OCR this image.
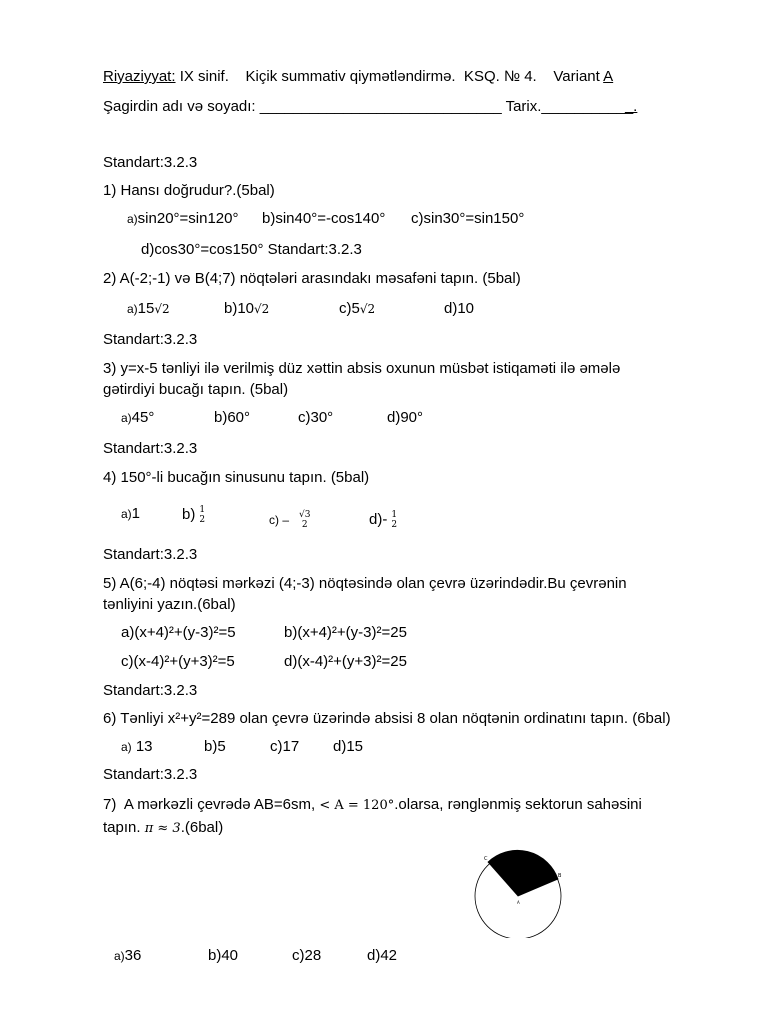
Riyaziyyat: IX sinif.    Kiçik summativ qiymətləndirmə.  KSQ. № 4.    Variant A
Şagirdin adı və soyadı: _____________________________ Tarix.___________.
Standart:3.2.3
1) Hansı doğrudur?.(5bal)
a)sin20°=sin120° b)sin40°=-cos140° c)sin30°=sin150°
d)cos30°=cos150° Standart:3.2.3
2) A(-2;-1) və B(4;7) nöqtələri arasındakı məsafəni tapın. (5bal)
a)15√2	b)10√2	c)5√2	d)10
Standart:3.2.3
3) y=x-5 tənliyi ilə verilmiş düz xəttin absis oxunun müsbət istiqaməti ilə əmələ
gətirdiyi bucağı tapın. (5bal)
a)45°	b)60°	c)30°	d)90°
Standart:3.2.3
4) 150°-li bucağın sinusunu tapın. (5bal)
a)1	b) 1
2	c) – √3
2	d)- 1
2
Standart:3.2.3
5) A(6;-4) nöqtəsi mərkəzi (4;-3) nöqtəsində olan çevrə üzərindədir.Bu çevrənin
tənliyini yazın.(6bal)
a)(x+4)²+(y-3)²=5	b)(x+4)²+(y-3)²=25
c)(x-4)²+(y+3)²=5	d)(x-4)²+(y+3)²=25
Standart:3.2.3
6) Tənliyi x²+y²=289 olan çevrə üzərində absisi 8 olan nöqtənin ordinatını tapın. (6bal)
a) 13	b)5	c)17 d)15
Standart:3.2.3
7)  A mərkəzli çevrədə AB=6sm, < A = 120°.olarsa, rənglənmiş sektorun sahəsini
tapın. π ≈ 3.(6bal)
C
B
A
a)36	b)40	c)28	d)42
